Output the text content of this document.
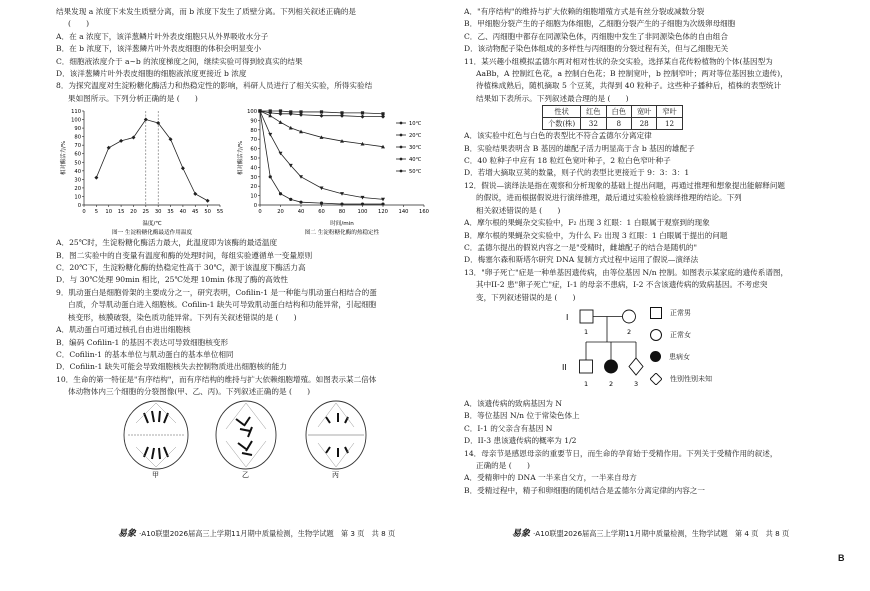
结果发现 a 浓度下未发生质壁分离，而 b 浓度下发生了质壁分离。下列相关叙述正确的是
(　　)
A．在 a 浓度下，该洋葱鳞片叶外表皮细胞只从外界吸收水分子
B．在 b 浓度下，该洋葱鳞片叶外表皮细胞的体积会明显变小
C．细胞液浓度介于 a~b 的浓度梯度之间，继续实验可得到较真实的结果
D．该洋葱鳞片叶外表皮细胞的细胞液浓度更接近 b 浓度
8．为探究温度对生淀粉糖化酶活力和热稳定性的影响，科研人员进行了相关实验，所得实验结
果如图所示。下列分析正确的是 (　　)
0
10
20
30
40
50
60
70
80
90
100
110
0 5 10 15 20 25 30 35 40 45 50 55
相对酶活力/%
温度/℃
图一 生淀粉糖化酶最适作用温度
0
10
20
30
40
50
60
70
80
90
100
0	20	40	60	80 100 120 140 160
10℃
20℃
30℃
40℃
50℃
相对酶活力/%
时间/min
图二 生淀粉糖化酶的热稳定性
A．25℃时，生淀粉糖化酶活力最大，此温度即为该酶的最适温度
B．图二实验中的自变量有温度和酶的处理时间，每组实验遵循单一变量原则
C．20℃下，生淀粉糖化酶的热稳定性高于 30℃，源于该温度下酶活力高
D．与 30℃处理 90min 相比，25℃处理 10min 体现了酶的高效性
9．肌动蛋白是细胞骨架的主要成分之一，研究表明，Cofilin-1 是一种能与肌动蛋白相结合的蛋
白质，介导肌动蛋白进入细胞核。Cofilin-1 缺失可导致肌动蛋白结构和功能异常，引起细胞
核变形，核膜破裂，染色质功能异常。下列有关叙述错误的是 (　　)
A．肌动蛋白可通过核孔自由进出细胞核
B．编码 Cofilin-1 的基因不表达可导致细胞核变形
C．Cofilin-1 的基本单位与肌动蛋白的基本单位相同
D．Cofilin-1 缺失可能会导致细胞核失去控制物质进出细胞核的能力
10．生命的第一特征是"有序结构"，而有序结构的维持与扩大依赖细胞增殖。如图表示某二倍体
体动物体内三个细胞的分裂图像(甲、乙、丙)。下列叙述正确的是 (　　)
甲	乙	丙
易象 ·A10联盟2026届高三上学期11月期中质量检测，生物学试题　第 3 页　共 8 页
A．"有序结构"的维持与扩大依赖的细胞增殖方式是有丝分裂或减数分裂
B．甲细胞分裂产生的子细胞为体细胞，乙细胞分裂产生的子细胞为次级卵母细胞
C．乙、丙细胞中都存在同源染色体，丙细胞中发生了非同源染色体的自由组合
D．该动物配子染色体组成的多样性与丙细胞的分裂过程有关，但与乙细胞无关
11．某兴趣小组模拟孟德尔两对相对性状的杂交实验，选择某自花传粉植物的个体(基因型为
AaBb，A 控制红色花，a 控制白色花；B 控制宽叶，b 控制窄叶；两对等位基因独立遗传)，
待植株成熟后，随机摘取 5 个豆荚，共得到 40 粒种子。这些种子播种后，植株的表型统计
结果如下表所示。下列叙述最合理的是 (　　)
性状	红色	白色	宽叶	窄叶
个数(株)	32	8	28	12
A．该实验中红色与白色的表型比不符合孟德尔分离定律
B．实验结果表明含 B 基因的雄配子活力明显高于含 b 基因的雄配子
C．40 粒种子中应有 18 粒红色宽叶种子，2 粒白色窄叶种子
D．若增大摘取豆荚的数量，则子代的表型比更接近于 9：3：3：1
12．假说—演绎法是指在观察和分析现象的基础上提出问题，再通过推理和想象提出能解释问题
的假说，进而根据假说进行演绎推理，最后通过实验检验演绎推理的结论。下列
相关叙述错误的是 (　　)
A．摩尔根的果蝇杂交实验中，F₂ 出现 3 红眼：1 白眼属于观察到的现象
B．摩尔根的果蝇杂交实验中，为什么 F₂ 出现 3 红眼：1 白眼属于提出的问题
C．孟德尔提出的假说内容之一是"受精时，雌雄配子的结合是随机的"
D．梅塞尔森和斯塔尔研究 DNA 复制方式过程中运用了假说—演绎法
13．"卵子死亡"症是一种单基因遗传病，由等位基因 N/n 控制。如图表示某家庭的遗传系谱图，
其中II-2 患"卵子死亡"症，I-1 的母亲不患病，I-2 不含该遗传病的致病基因。不考虑突
变，下列叙述错误的是 (　　)
I
II
1	2
1	2	3
正常男
正常女
患病女
性别性别未知
A．该遗传病的致病基因为 N
B．等位基因 N/n 位于常染色体上
C．I-1 的父亲含有基因 N
D．II-3 患该遗传病的概率为 1/2
14．母亲节是感恩母亲的重要节日，而生命的孕育始于受精作用。下列关于受精作用的叙述，
正确的是 (　　)
A．受精卵中的 DNA 一半来自父方，一半来自母方
B．受精过程中，精子和卵细胞的随机结合是孟德尔分离定律的内容之一
易象 ·A10联盟2026届高三上学期11月期中质量检测，生物学试题　第 4 页　共 8 页
B
